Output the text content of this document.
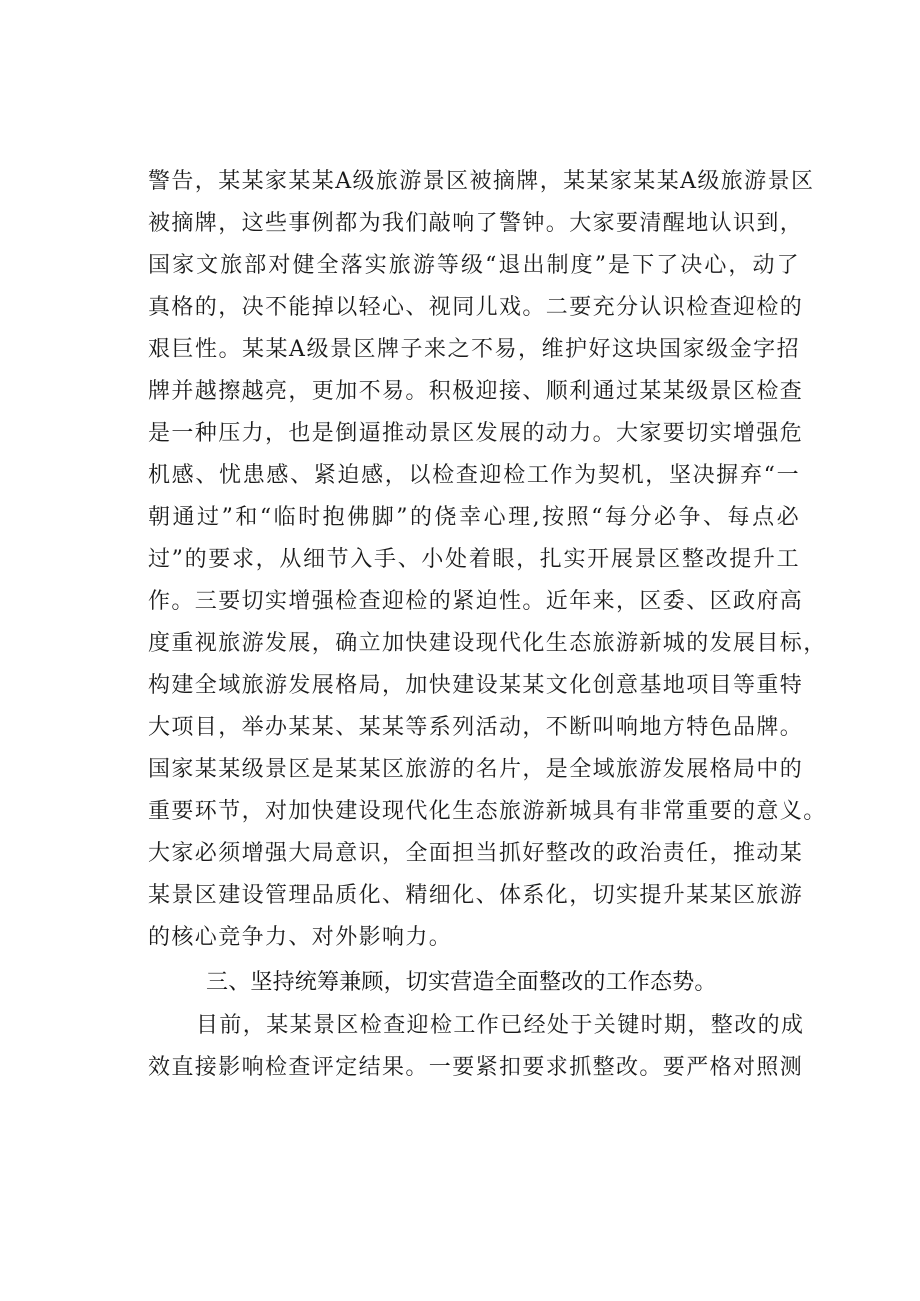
警告，某某家某某A级旅游景区被摘牌，某某家某某A级旅游景区
被摘牌，这些事例都为我们敲响了警钟。大家要清醒地认识到，
国家文旅部对健全落实旅游等级“退出制度”是下了决心，动了
真格的，决不能掉以轻心、视同儿戏。二要充分认识检查迎检的
艰巨性。某某A级景区牌子来之不易，维护好这块国家级金字招
牌并越擦越亮，更加不易。积极迎接、顺利通过某某级景区检查
是一种压力，也是倒逼推动景区发展的动力。大家要切实增强危
机感、忧患感、紧迫感，以检查迎检工作为契机，坚决摒弃“一
朝通过”和“临时抱佛脚”的侥幸心理,按照“每分必争、每点必
过”的要求，从细节入手、小处着眼，扎实开展景区整改提升工
作。三要切实增强检查迎检的紧迫性。近年来，区委、区政府高
度重视旅游发展，确立加快建设现代化生态旅游新城的发展目标，
构建全域旅游发展格局，加快建设某某文化创意基地项目等重特
大项目，举办某某、某某等系列活动，不断叫响地方特色品牌。
国家某某级景区是某某区旅游的名片，是全域旅游发展格局中的
重要环节，对加快建设现代化生态旅游新城具有非常重要的意义。
大家必须增强大局意识，全面担当抓好整改的政治责任，推动某
某景区建设管理品质化、精细化、体系化，切实提升某某区旅游
的核心竞争力、对外影响力。
三、坚持统筹兼顾，切实营造全面整改的工作态势。
目前，某某景区检查迎检工作已经处于关键时期，整改的成
效直接影响检查评定结果。一要紧扣要求抓整改。要严格对照测
